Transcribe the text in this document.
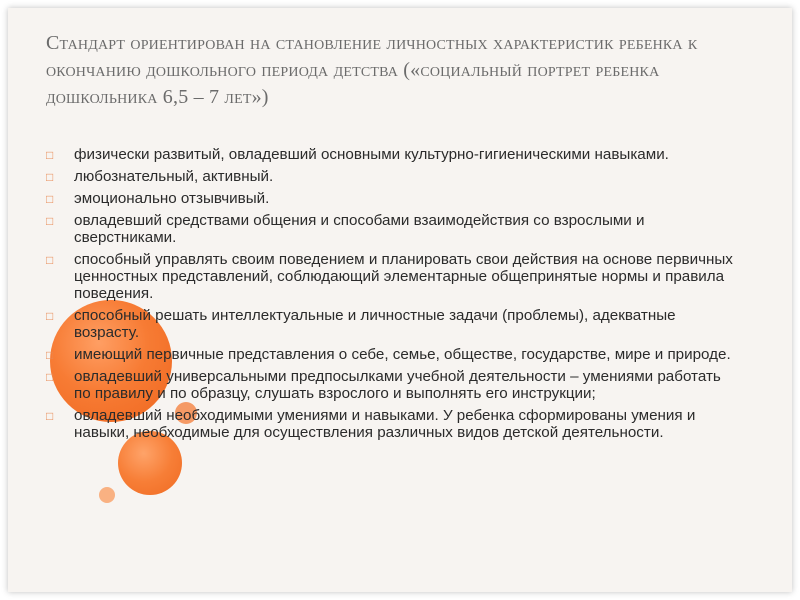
Стандарт ориентирован на становление личностных характеристик ребенка к окончанию дошкольного периода детства («социальный портрет ребенка дошкольника 6,5 – 7 лет»)
□ физически развитый, овладевший основными культурно-гигиеническими навыками.
□ любознательный, активный.
□ эмоционально отзывчивый.
□ овладевший средствами общения и способами взаимодействия со взрослыми и сверстниками.
□ способный управлять своим поведением и планировать свои действия на основе первичных ценностных представлений, соблюдающий элементарные общепринятые нормы и правила поведения.
□ способный решать интеллектуальные и личностные задачи (проблемы), адекватные возрасту.
□ имеющий первичные представления о себе, семье, обществе, государстве, мире и природе.
□ овладевший универсальными предпосылками учебной деятельности – умениями работать по правилу и по образцу, слушать взрослого и выполнять его инструкции;
□ овладевший необходимыми умениями и навыками. У ребенка сформированы умения и навыки, необходимые для осуществления различных видов детской деятельности.
